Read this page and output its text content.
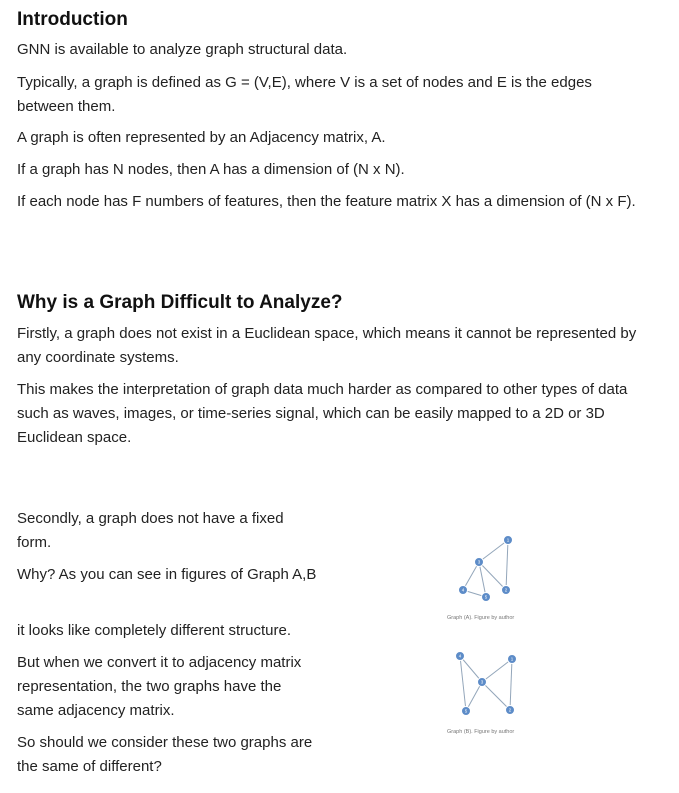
Introduction

GNN is available to analyze graph structural data.

Typically, a graph is defined as G = (V,E), where V is a set of nodes and E is the edges between them.

A graph is often represented by an Adjacency matrix, A.

If a graph has N nodes, then A has a dimension of (N x N).

If each node has F numbers of features, then the feature matrix X has a dimension of (N x F).

Why is a Graph Difficult to Analyze?

Firstly, a graph does not exist in a Euclidean space, which means it cannot be represented by any coordinate systems.

This makes the interpretation of graph data much harder as compared to other types of data such as waves, images, or time-series signal, which can be easily mapped to a 2D or 3D Euclidean space.

Secondly, a graph does not have a fixed form.

Why? As you can see in figures of Graph A,B

it looks like completely different structure.

But when we convert it to adjacency matrix representation, the two graphs have the same adjacency matrix.

So should we consider these two graphs are the same of different?

1
3
4	2
5

Graph (A). Figure by author

4
1
3
5	2

Graph (B). Figure by author
